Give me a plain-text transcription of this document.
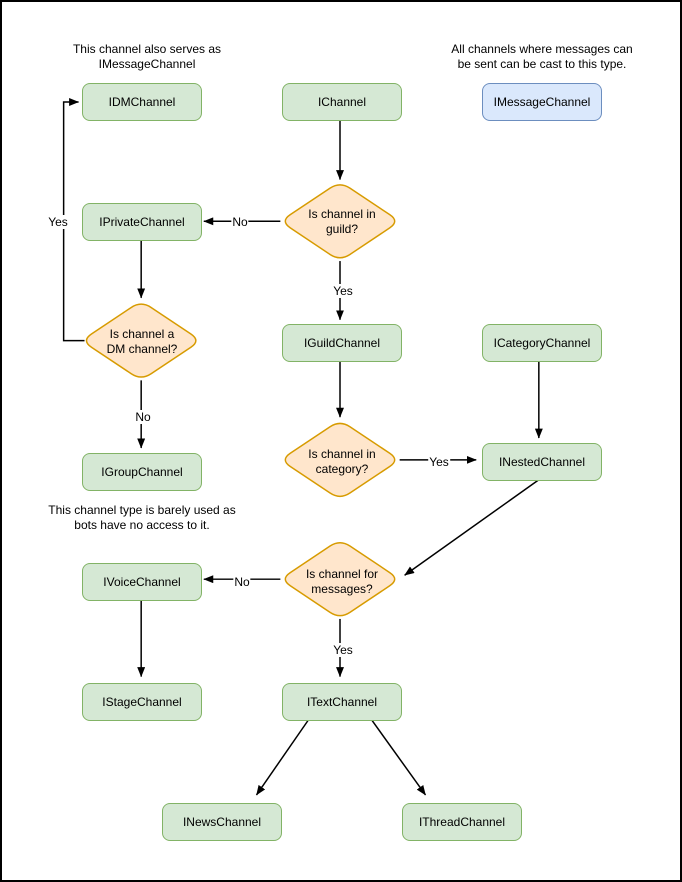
IDMChannel	IChannel	IMessageChannel
IPrivateChannel
IGuildChannel	ICategoryChannel
IGroupChannel
INestedChannel
IVoiceChannel
IStageChannel	ITextChannel
INewsChannel	IThreadChannel
Is channel in
guild?
Is channel a
DM channel?
Is channel in
category?
Is channel for
messages?
No
Yes
Yes
No
Yes
No
Yes
This channel also serves as
IMessageChannel
All channels where messages can
be sent can be cast to this type.
This channel type is barely used as
bots have no access to it.
